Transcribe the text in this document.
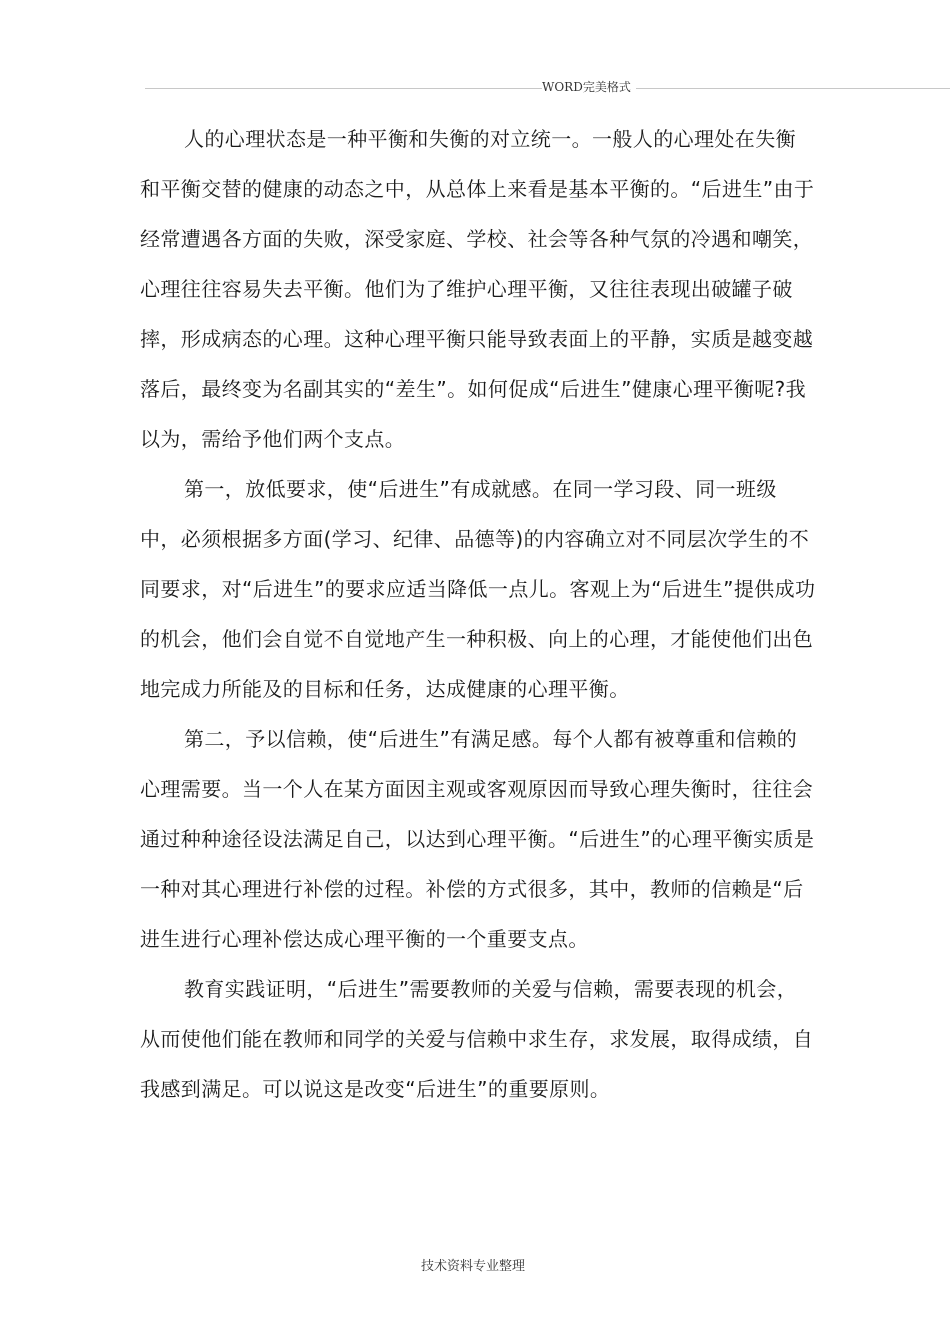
WORD完美格式

人的心理状态是一种平衡和失衡的对立统一。一般人的心理处在失衡和平衡交替的健康的动态之中，从总体上来看是基本平衡的。“后进生”由于经常遭遇各方面的失败，深受家庭、学校、社会等各种气氛的冷遇和嘲笑，心理往往容易失去平衡。他们为了维护心理平衡，又往往表现出破罐子破摔，形成病态的心理。这种心理平衡只能导致表面上的平静，实质是越变越落后，最终变为名副其实的“差生”。如何促成“后进生”健康心理平衡呢?我以为，需给予他们两个支点。

第一，放低要求，使“后进生”有成就感。在同一学习段、同一班级中，必须根据多方面(学习、纪律、品德等)的内容确立对不同层次学生的不同要求，对“后进生”的要求应适当降低一点儿。客观上为“后进生”提供成功的机会，他们会自觉不自觉地产生一种积极、向上的心理，才能使他们出色地完成力所能及的目标和任务，达成健康的心理平衡。

第二，予以信赖，使“后进生”有满足感。每个人都有被尊重和信赖的心理需要。当一个人在某方面因主观或客观原因而导致心理失衡时，往往会通过种种途径设法满足自己，以达到心理平衡。“后进生”的心理平衡实质是一种对其心理进行补偿的过程。补偿的方式很多，其中，教师的信赖是“后进生进行心理补偿达成心理平衡的一个重要支点。

教育实践证明，“后进生”需要教师的关爱与信赖，需要表现的机会，从而使他们能在教师和同学的关爱与信赖中求生存，求发展，取得成绩，自我感到满足。可以说这是改变“后进生”的重要原则。

技术资料专业整理
